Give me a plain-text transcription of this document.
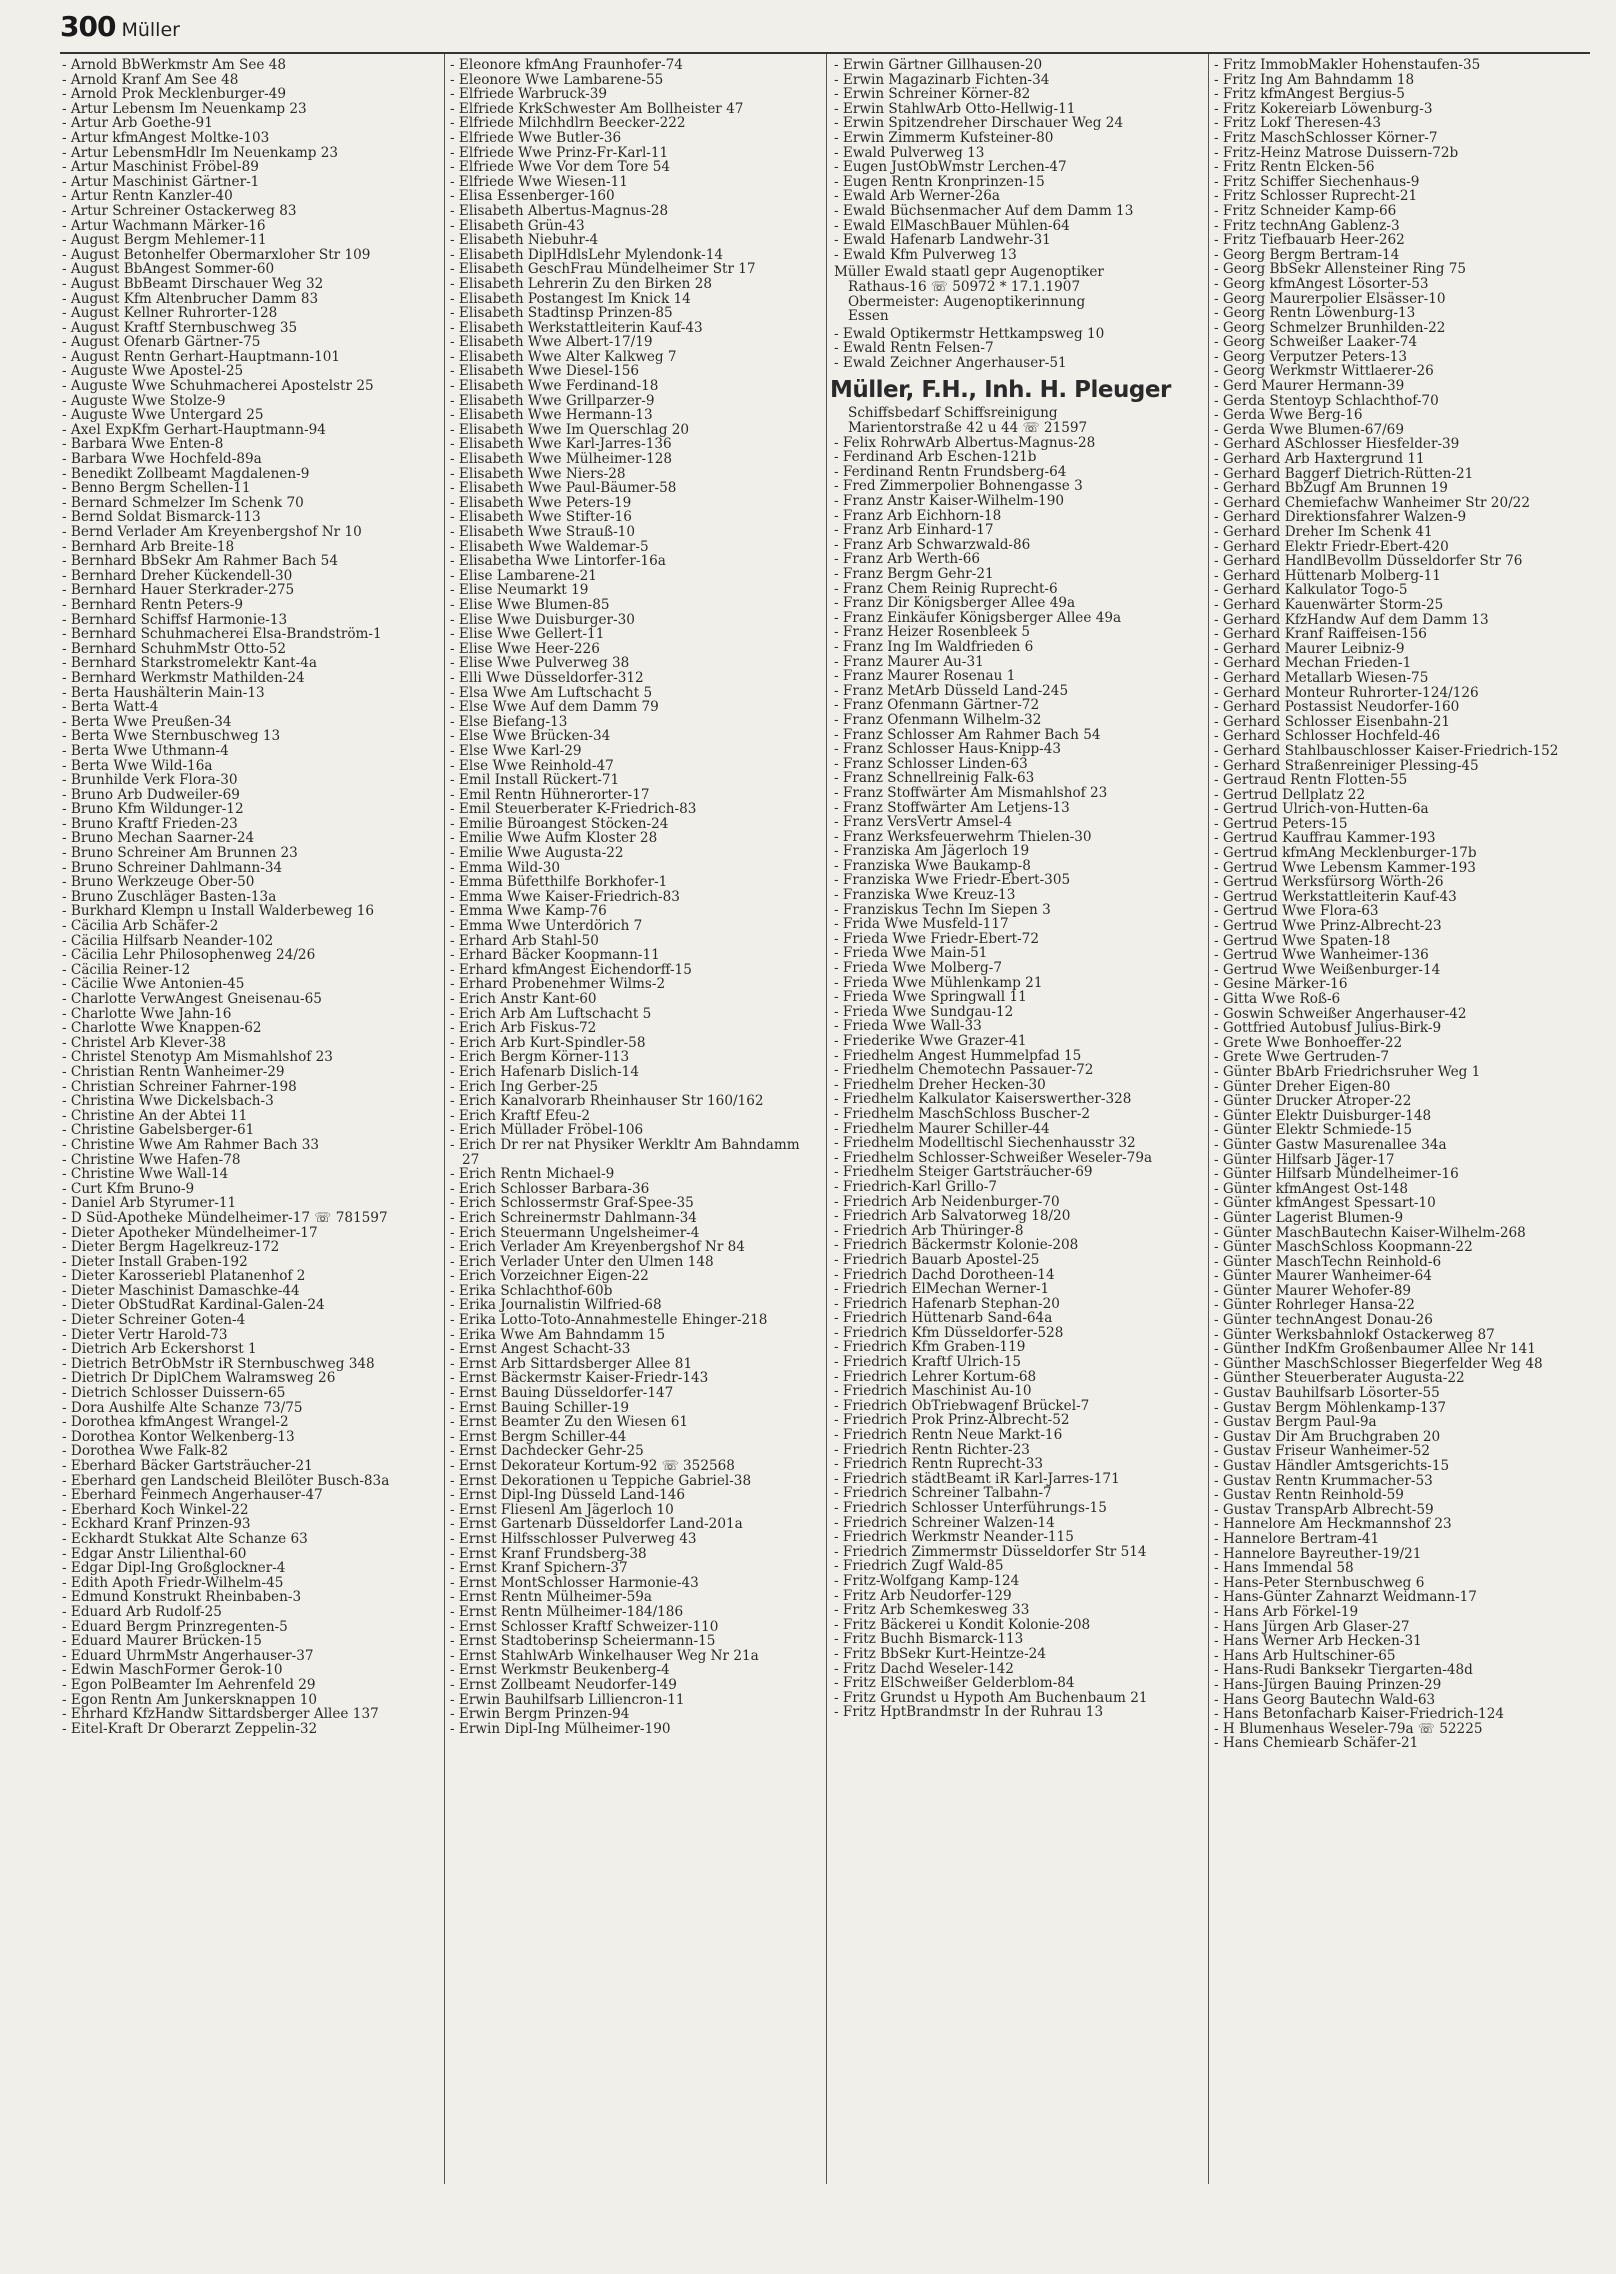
300 Müller
- Arnold BbWerkmstr Am See 48
- Arnold Kranf Am See 48
- Arnold Prok Mecklenburger-49
- Artur Lebensm Im Neuenkamp 23
- Artur Arb Goethe-91
- Artur kfmAngest Moltke-103
- Artur LebensmHdlr Im Neuenkamp 23
- Artur Maschinist Fröbel-89
- Artur Maschinist Gärtner-1
- Artur Rentn Kanzler-40
- Artur Schreiner Ostackerweg 83
- Artur Wachmann Märker-16
- August Bergm Mehlemer-11
- August Betonhelfer Obermarxloher Str 109
- August BbAngest Sommer-60
- August BbBeamt Dirschauer Weg 32
- August Kfm Altenbrucher Damm 83
- August Kellner Ruhrorter-128
- August Kraftf Sternbuschweg 35
- August Ofenarb Gärtner-75
- August Rentn Gerhart-Hauptmann-101
- Auguste Wwe Apostel-25
- Auguste Wwe Schuhmacherei Apostelstr 25
- Auguste Wwe Stolze-9
- Auguste Wwe Untergard 25
- Axel ExpKfm Gerhart-Hauptmann-94
- Barbara Wwe Enten-8
- Barbara Wwe Hochfeld-89a
- Benedikt Zollbeamt Magdalenen-9
- Benno Bergm Schellen-11
- Bernard Schmelzer Im Schenk 70
- Bernd Soldat Bismarck-113
- Bernd Verlader Am Kreyenbergshof Nr 10
- Bernhard Arb Breite-18
- Bernhard BbSekr Am Rahmer Bach 54
- Bernhard Dreher Kückendell-30
- Bernhard Hauer Sterkrader-275
- Bernhard Rentn Peters-9
- Bernhard Schiffsf Harmonie-13
- Bernhard Schuhmacherei Elsa-Brandström-1
- Bernhard SchuhmMstr Otto-52
- Bernhard Starkstromelektr Kant-4a
- Bernhard Werkmstr Mathilden-24
- Berta Haushälterin Main-13
- Berta Watt-4
- Berta Wwe Preußen-34
- Berta Wwe Sternbuschweg 13
- Berta Wwe Uthmann-4
- Berta Wwe Wild-16a
- Brunhilde Verk Flora-30
- Bruno Arb Dudweiler-69
- Bruno Kfm Wildunger-12
- Bruno Kraftf Frieden-23
- Bruno Mechan Saarner-24
- Bruno Schreiner Am Brunnen 23
- Bruno Schreiner Dahlmann-34
- Bruno Werkzeuge Ober-50
- Bruno Zuschläger Basten-13a
- Burkhard Klempn u Install Walderbeweg 16
- Cäcilia Arb Schäfer-2
- Cäcilia Hilfsarb Neander-102
- Cäcilia Lehr Philosophenweg 24/26
- Cäcilia Reiner-12
- Cäcilie Wwe Antonien-45
- Charlotte VerwAngest Gneisenau-65
- Charlotte Wwe Jahn-16
- Charlotte Wwe Knappen-62
- Christel Arb Klever-38
- Christel Stenotyp Am Mismahlshof 23
- Christian Rentn Wanheimer-29
- Christian Schreiner Fahrner-198
- Christina Wwe Dickelsbach-3
- Christine An der Abtei 11
- Christine Gabelsberger-61
- Christine Wwe Am Rahmer Bach 33
- Christine Wwe Hafen-78
- Christine Wwe Wall-14
- Curt Kfm Bruno-9
- Daniel Arb Styrumer-11
- D Süd-Apotheke Mündelheimer-17 ☏ 781597
- Dieter Apotheker Mündelheimer-17
- Dieter Bergm Hagelkreuz-172
- Dieter Install Graben-192
- Dieter Karosseriebl Platanenhof 2
- Dieter Maschinist Damaschke-44
- Dieter ObStudRat Kardinal-Galen-24
- Dieter Schreiner Goten-4
- Dieter Vertr Harold-73
- Dietrich Arb Eckershorst 1
- Dietrich BetrObMstr iR Sternbuschweg 348
- Dietrich Dr DiplChem Walramsweg 26
- Dietrich Schlosser Duissern-65
- Dora Aushilfe Alte Schanze 73/75
- Dorothea kfmAngest Wrangel-2
- Dorothea Kontor Welkenberg-13
- Dorothea Wwe Falk-82
- Eberhard Bäcker Gartsträucher-21
- Eberhard gen Landscheid Bleilöter Busch-83a
- Eberhard Feinmech Angerhauser-47
- Eberhard Koch Winkel-22
- Eckhard Kranf Prinzen-93
- Eckhardt Stukkat Alte Schanze 63
- Edgar Anstr Lilienthal-60
- Edgar Dipl-Ing Großglockner-4
- Edith Apoth Friedr-Wilhelm-45
- Edmund Konstrukt Rheinbaben-3
- Eduard Arb Rudolf-25
- Eduard Bergm Prinzregenten-5
- Eduard Maurer Brücken-15
- Eduard UhrmMstr Angerhauser-37
- Edwin MaschFormer Gerok-10
- Egon PolBeamter Im Aehrenfeld 29
- Egon Rentn Am Junkersknappen 10
- Ehrhard KfzHandw Sittardsberger Allee 137
- Eitel-Kraft Dr Oberarzt Zeppelin-32
- Eleonore kfmAng Fraunhofer-74
- Eleonore Wwe Lambarene-55
- Elfriede Warbruck-39
- Elfriede KrkSchwester Am Bollheister 47
- Elfriede Milchhdlrn Beecker-222
- Elfriede Wwe Butler-36
- Elfriede Wwe Prinz-Fr-Karl-11
- Elfriede Wwe Vor dem Tore 54
- Elfriede Wwe Wiesen-11
- Elisa Essenberger-160
- Elisabeth Albertus-Magnus-28
- Elisabeth Grün-43
- Elisabeth Niebuhr-4
- Elisabeth DiplHdlsLehr Mylendonk-14
- Elisabeth GeschFrau Mündelheimer Str 17
- Elisabeth Lehrerin Zu den Birken 28
- Elisabeth Postangest Im Knick 14
- Elisabeth Stadtinsp Prinzen-85
- Elisabeth Werkstattleiterin Kauf-43
- Elisabeth Wwe Albert-17/19
- Elisabeth Wwe Alter Kalkweg 7
- Elisabeth Wwe Diesel-156
- Elisabeth Wwe Ferdinand-18
- Elisabeth Wwe Grillparzer-9
- Elisabeth Wwe Hermann-13
- Elisabeth Wwe Im Querschlag 20
- Elisabeth Wwe Karl-Jarres-136
- Elisabeth Wwe Mülheimer-128
- Elisabeth Wwe Niers-28
- Elisabeth Wwe Paul-Bäumer-58
- Elisabeth Wwe Peters-19
- Elisabeth Wwe Stifter-16
- Elisabeth Wwe Strauß-10
- Elisabeth Wwe Waldemar-5
- Elisabetha Wwe Lintorfer-16a
- Elise Lambarene-21
- Elise Neumarkt 19
- Elise Wwe Blumen-85
- Elise Wwe Duisburger-30
- Elise Wwe Gellert-11
- Elise Wwe Heer-226
- Elise Wwe Pulverweg 38
- Elli Wwe Düsseldorfer-312
- Elsa Wwe Am Luftschacht 5
- Else Wwe Auf dem Damm 79
- Else Biefang-13
- Else Wwe Brücken-34
- Else Wwe Karl-29
- Else Wwe Reinhold-47
- Emil Install Rückert-71
- Emil Rentn Hühnerorter-17
- Emil Steuerberater K-Friedrich-83
- Emilie Büroangest Stöcken-24
- Emilie Wwe Aufm Kloster 28
- Emilie Wwe Augusta-22
- Emma Wild-30
- Emma Büfetthilfe Borkhofer-1
- Emma Wwe Kaiser-Friedrich-83
- Emma Wwe Kamp-76
- Emma Wwe Unterdörich 7
- Erhard Arb Stahl-50
- Erhard Bäcker Koopmann-11
- Erhard kfmAngest Eichendorff-15
- Erhard Probenehmer Wilms-2
- Erich Anstr Kant-60
- Erich Arb Am Luftschacht 5
- Erich Arb Fiskus-72
- Erich Arb Kurt-Spindler-58
- Erich Bergm Körner-113
- Erich Hafenarb Dislich-14
- Erich Ing Gerber-25
- Erich Kanalvorarb Rheinhauser Str 160/162
- Erich Kraftf Efeu-2
- Erich Müllader Fröbel-106
- Erich Dr rer nat Physiker Werkltr Am Bahndamm 27
- Erich Rentn Michael-9
- Erich Schlosser Barbara-36
- Erich Schlossermstr Graf-Spee-35
- Erich Schreinermstr Dahlmann-34
- Erich Steuermann Ungelsheimer-4
- Erich Verlader Am Kreyenbergshof Nr 84
- Erich Verlader Unter den Ulmen 148
- Erich Vorzeichner Eigen-22
- Erika Schlachthof-60b
- Erika Journalistin Wilfried-68
- Erika Lotto-Toto-Annahmestelle Ehinger-218
- Erika Wwe Am Bahndamm 15
- Ernst Angest Schacht-33
- Ernst Arb Sittardsberger Allee 81
- Ernst Bäckermstr Kaiser-Friedr-143
- Ernst Bauing Düsseldorfer-147
- Ernst Bauing Schiller-19
- Ernst Beamter Zu den Wiesen 61
- Ernst Bergm Schiller-44
- Ernst Dachdecker Gehr-25
- Ernst Dekorateur Kortum-92 ☏ 352568
- Ernst Dekorationen u Teppiche Gabriel-38
- Ernst Dipl-Ing Düsseld Land-146
- Ernst Fliesenl Am Jägerloch 10
- Ernst Gartenarb Düsseldorfer Land-201a
- Ernst Hilfsschlosser Pulverweg 43
- Ernst Kranf Frundsberg-38
- Ernst Kranf Spichern-37
- Ernst MontSchlosser Harmonie-43
- Ernst Rentn Mülheimer-59a
- Ernst Rentn Mülheimer-184/186
- Ernst Schlosser Kraftf Schweizer-110
- Ernst Stadtoberinsp Scheiermann-15
- Ernst StahlwArb Winkelhauser Weg Nr 21a
- Ernst Werkmstr Beukenberg-4
- Ernst Zollbeamt Neudorfer-149
- Erwin Bauhilfsarb Lilliencron-11
- Erwin Bergm Prinzen-94
- Erwin Dipl-Ing Mülheimer-190
- Erwin Gärtner Gillhausen-20
- Erwin Magazinarb Fichten-34
- Erwin Schreiner Körner-82
- Erwin StahlwArb Otto-Hellwig-11
- Erwin Spitzendreher Dirschauer Weg 24
- Erwin Zimmerm Kufsteiner-80
- Ewald Pulverweg 13
- Eugen JustObWmstr Lerchen-47
- Eugen Rentn Kronprinzen-15
- Ewald Arb Werner-26a
- Ewald Büchsenmacher Auf dem Damm 13
- Ewald ElMaschBauer Mühlen-64
- Ewald Hafenarb Landwehr-31
- Ewald Kfm Pulverweg 13
Müller Ewald staatl gepr Augenoptiker
Rathaus-16 ☏ 50972 * 17.1.1907
Obermeister: Augenoptikerinnung
Essen
- Ewald Optikermstr Hettkampsweg 10
- Ewald Rentn Felsen-7
- Ewald Zeichner Angerhauser-51
Müller, F.H., Inh. H. Pleuger
Schiffsbedarf Schiffsreinigung
Marientorstraße 42 u 44 ☏ 21597
- Felix RohrwArb Albertus-Magnus-28
- Ferdinand Arb Eschen-121b
- Ferdinand Rentn Frundsberg-64
- Fred Zimmerpolier Bohnengasse 3
- Franz Anstr Kaiser-Wilhelm-190
- Franz Arb Eichhorn-18
- Franz Arb Einhard-17
- Franz Arb Schwarzwald-86
- Franz Arb Werth-66
- Franz Bergm Gehr-21
- Franz Chem Reinig Ruprecht-6
- Franz Dir Königsberger Allee 49a
- Franz Einkäufer Königsberger Allee 49a
- Franz Heizer Rosenbleek 5
- Franz Ing Im Waldfrieden 6
- Franz Maurer Au-31
- Franz Maurer Rosenau 1
- Franz MetArb Düsseld Land-245
- Franz Ofenmann Gärtner-72
- Franz Ofenmann Wilhelm-32
- Franz Schlosser Am Rahmer Bach 54
- Franz Schlosser Haus-Knipp-43
- Franz Schlosser Linden-63
- Franz Schnellreinig Falk-63
- Franz Stoffwärter Am Mismahlshof 23
- Franz Stoffwärter Am Letjens-13
- Franz VersVertr Amsel-4
- Franz Werksfeuerwehrm Thielen-30
- Franziska Am Jägerloch 19
- Franziska Wwe Baukamp-8
- Franziska Wwe Friedr-Ebert-305
- Franziska Wwe Kreuz-13
- Franziskus Techn Im Siepen 3
- Frida Wwe Musfeld-117
- Frieda Wwe Friedr-Ebert-72
- Frieda Wwe Main-51
- Frieda Wwe Molberg-7
- Frieda Wwe Mühlenkamp 21
- Frieda Wwe Springwall 11
- Frieda Wwe Sundgau-12
- Frieda Wwe Wall-33
- Friederike Wwe Grazer-41
- Friedhelm Angest Hummelpfad 15
- Friedhelm Chemotechn Passauer-72
- Friedhelm Dreher Hecken-30
- Friedhelm Kalkulator Kaiserswerther-328
- Friedhelm MaschSchloss Buscher-2
- Friedhelm Maurer Schiller-44
- Friedhelm Modelltischl Siechenhausstr 32
- Friedhelm Schlosser-Schweißer Weseler-79a
- Friedhelm Steiger Gartsträucher-69
- Friedrich-Karl Grillo-7
- Friedrich Arb Neidenburger-70
- Friedrich Arb Salvatorweg 18/20
- Friedrich Arb Thüringer-8
- Friedrich Bäckermstr Kolonie-208
- Friedrich Bauarb Apostel-25
- Friedrich Dachd Dorotheen-14
- Friedrich ElMechan Werner-1
- Friedrich Hafenarb Stephan-20
- Friedrich Hüttenarb Sand-64a
- Friedrich Kfm Düsseldorfer-528
- Friedrich Kfm Graben-119
- Friedrich Kraftf Ulrich-15
- Friedrich Lehrer Kortum-68
- Friedrich Maschinist Au-10
- Friedrich ObTriebwagenf Brückel-7
- Friedrich Prok Prinz-Albrecht-52
- Friedrich Rentn Neue Markt-16
- Friedrich Rentn Richter-23
- Friedrich Rentn Ruprecht-33
- Friedrich städtBeamt iR Karl-Jarres-171
- Friedrich Schreiner Talbahn-7
- Friedrich Schlosser Unterführungs-15
- Friedrich Schreiner Walzen-14
- Friedrich Werkmstr Neander-115
- Friedrich Zimmermstr Düsseldorfer Str 514
- Friedrich Zugf Wald-85
- Fritz-Wolfgang Kamp-124
- Fritz Arb Neudorfer-129
- Fritz Arb Schemkesweg 33
- Fritz Bäckerei u Kondit Kolonie-208
- Fritz Buchh Bismarck-113
- Fritz BbSekr Kurt-Heintze-24
- Fritz Dachd Weseler-142
- Fritz ElSchweißer Gelderblom-84
- Fritz Grundst u Hypoth Am Buchenbaum 21
- Fritz HptBrandmstr In der Ruhrau 13
- Fritz ImmobMakler Hohenstaufen-35
- Fritz Ing Am Bahndamm 18
- Fritz kfmAngest Bergius-5
- Fritz Kokereiarb Löwenburg-3
- Fritz Lokf Theresen-43
- Fritz MaschSchlosser Körner-7
- Fritz-Heinz Matrose Duissern-72b
- Fritz Rentn Elcken-56
- Fritz Schiffer Siechenhaus-9
- Fritz Schlosser Ruprecht-21
- Fritz Schneider Kamp-66
- Fritz technAng Gablenz-3
- Fritz Tiefbauarb Heer-262
- Georg Bergm Bertram-14
- Georg BbSekr Allensteiner Ring 75
- Georg kfmAngest Lösorter-53
- Georg Maurerpolier Elsässer-10
- Georg Rentn Löwenburg-13
- Georg Schmelzer Brunhilden-22
- Georg Schweißer Laaker-74
- Georg Verputzer Peters-13
- Georg Werkmstr Wittlaerer-26
- Gerd Maurer Hermann-39
- Gerda Stentoyp Schlachthof-70
- Gerda Wwe Berg-16
- Gerda Wwe Blumen-67/69
- Gerhard ASchlosser Hiesfelder-39
- Gerhard Arb Haxtergrund 11
- Gerhard Baggerf Dietrich-Rütten-21
- Gerhard BbZugf Am Brunnen 19
- Gerhard Chemiefachw Wanheimer Str 20/22
- Gerhard Direktionsfahrer Walzen-9
- Gerhard Dreher Im Schenk 41
- Gerhard Elektr Friedr-Ebert-420
- Gerhard HandlBevollm Düsseldorfer Str 76
- Gerhard Hüttenarb Molberg-11
- Gerhard Kalkulator Togo-5
- Gerhard Kauenwärter Storm-25
- Gerhard KfzHandw Auf dem Damm 13
- Gerhard Kranf Raiffeisen-156
- Gerhard Maurer Leibniz-9
- Gerhard Mechan Frieden-1
- Gerhard Metallarb Wiesen-75
- Gerhard Monteur Ruhrorter-124/126
- Gerhard Postassist Neudorfer-160
- Gerhard Schlosser Eisenbahn-21
- Gerhard Schlosser Hochfeld-46
- Gerhard Stahlbauschlosser Kaiser-Friedrich-152
- Gerhard Straßenreiniger Plessing-45
- Gertraud Rentn Flotten-55
- Gertrud Dellplatz 22
- Gertrud Ulrich-von-Hutten-6a
- Gertrud Peters-15
- Gertrud Kauffrau Kammer-193
- Gertrud kfmAng Mecklenburger-17b
- Gertrud Wwe Lebensm Kammer-193
- Gertrud Werksfürsorg Wörth-26
- Gertrud Werkstattleiterin Kauf-43
- Gertrud Wwe Flora-63
- Gertrud Wwe Prinz-Albrecht-23
- Gertrud Wwe Spaten-18
- Gertrud Wwe Wanheimer-136
- Gertrud Wwe Weißenburger-14
- Gesine Märker-16
- Gitta Wwe Roß-6
- Goswin Schweißer Angerhauser-42
- Gottfried Autobusf Julius-Birk-9
- Grete Wwe Bonhoeffer-22
- Grete Wwe Gertruden-7
- Günter BbArb Friedrichsruher Weg 1
- Günter Dreher Eigen-80
- Günter Drucker Atroper-22
- Günter Elektr Duisburger-148
- Günter Elektr Schmiede-15
- Günter Gastw Masurenallee 34a
- Günter Hilfsarb Jäger-17
- Günter Hilfsarb Mündelheimer-16
- Günter kfmAngest Ost-148
- Günter kfmAngest Spessart-10
- Günter Lagerist Blumen-9
- Günter MaschBautechn Kaiser-Wilhelm-268
- Günter MaschSchloss Koopmann-22
- Günter MaschTechn Reinhold-6
- Günter Maurer Wanheimer-64
- Günter Maurer Wehofer-89
- Günter Rohrleger Hansa-22
- Günter technAngest Donau-26
- Günter Werksbahnlokf Ostackerweg 87
- Günther IndKfm Großenbaumer Allee Nr 141
- Günther MaschSchlosser Biegerfelder Weg 48
- Günther Steuerberater Augusta-22
- Gustav Bauhilfsarb Lösorter-55
- Gustav Bergm Möhlenkamp-137
- Gustav Bergm Paul-9a
- Gustav Dir Am Bruchgraben 20
- Gustav Friseur Wanheimer-52
- Gustav Händler Amtsgerichts-15
- Gustav Rentn Krummacher-53
- Gustav Rentn Reinhold-59
- Gustav TranspArb Albrecht-59
- Hannelore Am Heckmannshof 23
- Hannelore Bertram-41
- Hannelore Bayreuther-19/21
- Hans Immendal 58
- Hans-Peter Sternbuschweg 6
- Hans-Günter Zahnarzt Weidmann-17
- Hans Arb Förkel-19
- Hans Jürgen Arb Glaser-27
- Hans Werner Arb Hecken-31
- Hans Arb Hultschiner-65
- Hans-Rudi Banksekr Tiergarten-48d
- Hans-Jürgen Bauing Prinzen-29
- Hans Georg Bautechn Wald-63
- Hans Betonfacharb Kaiser-Friedrich-124
- H Blumenhaus Weseler-79a ☏ 52225
- Hans Chemiearb Schäfer-21
